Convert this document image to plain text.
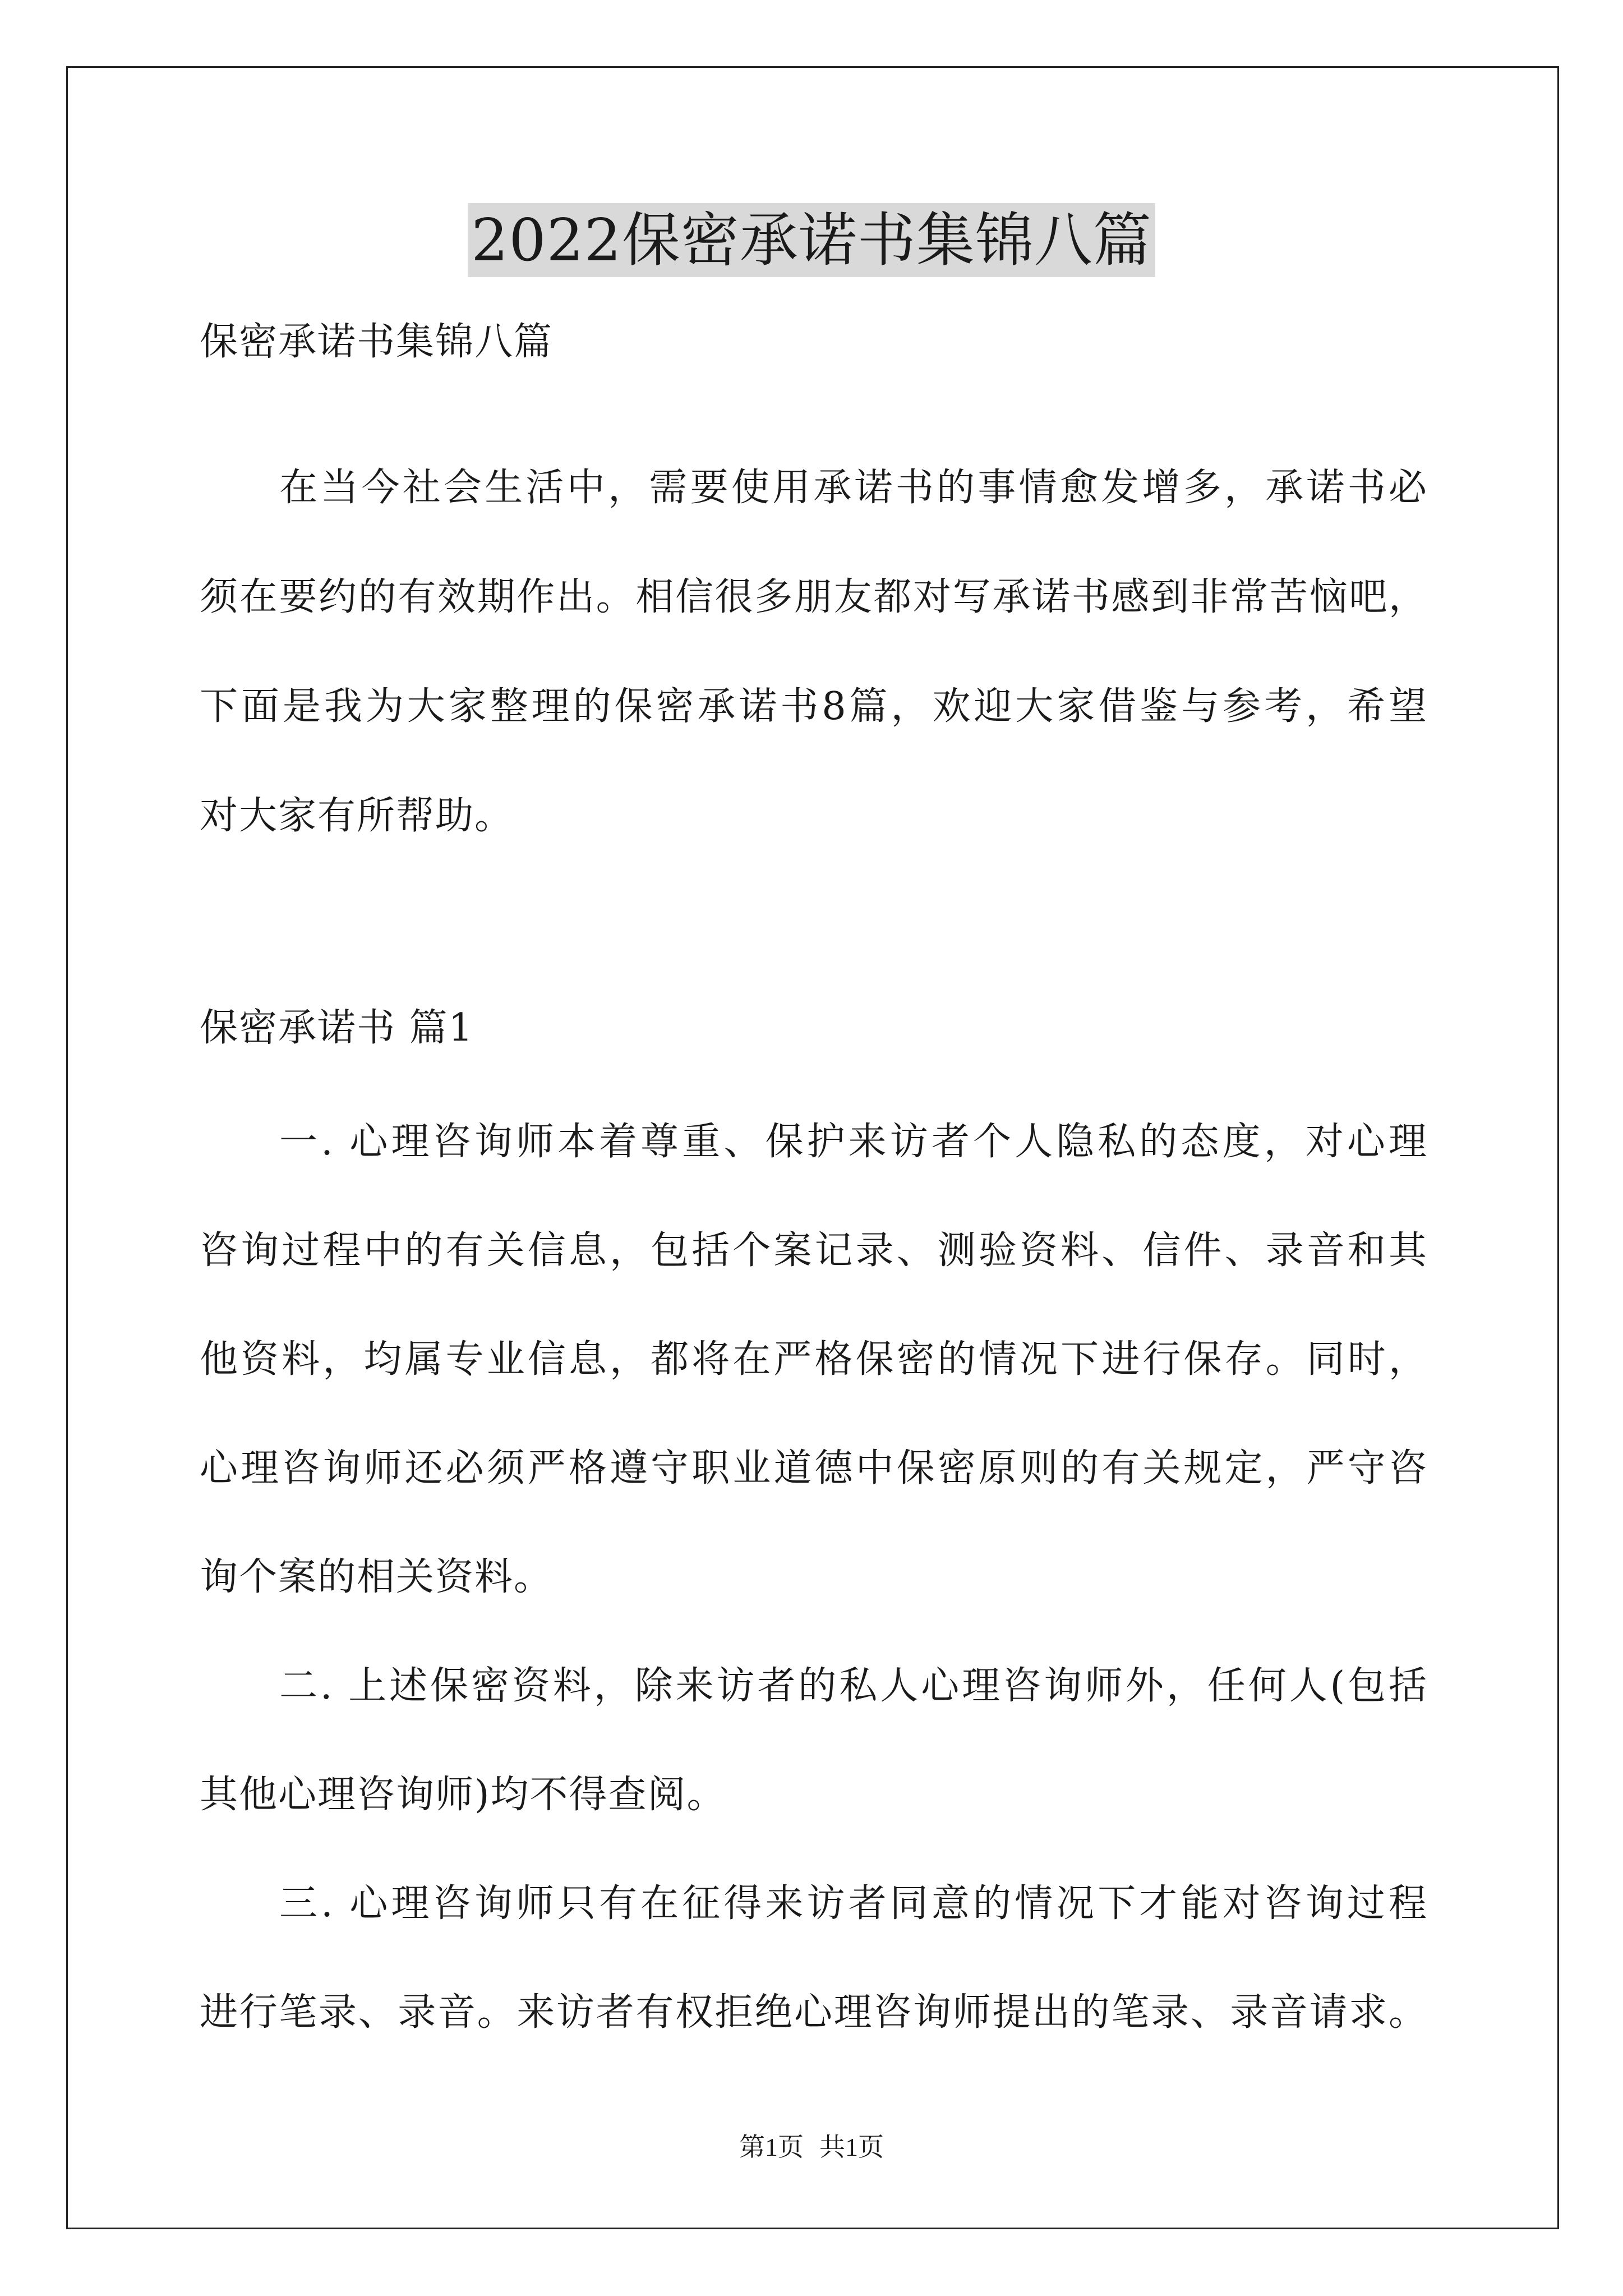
2022保密承诺书集锦八篇
保密承诺书集锦八篇
在当今社会生活中，需要使用承诺书的事情愈发增多，承诺书必
须在要约的有效期作出。相信很多朋友都对写承诺书感到非常苦恼吧，
下面是我为大家整理的保密承诺书8篇，欢迎大家借鉴与参考，希望
对大家有所帮助。
保密承诺书 篇1
一. 心理咨询师本着尊重、保护来访者个人隐私的态度，对心理
咨询过程中的有关信息，包括个案记录、测验资料、信件、录音和其
他资料，均属专业信息，都将在严格保密的情况下进行保存。同时，
心理咨询师还必须严格遵守职业道德中保密原则的有关规定，严守咨
询个案的相关资料。
二. 上述保密资料，除来访者的私人心理咨询师外，任何人(包括
其他心理咨询师)均不得查阅。
三. 心理咨询师只有在征得来访者同意的情况下才能对咨询过程
进行笔录、录音。来访者有权拒绝心理咨询师提出的笔录、录音请求。
第1页 共1页
